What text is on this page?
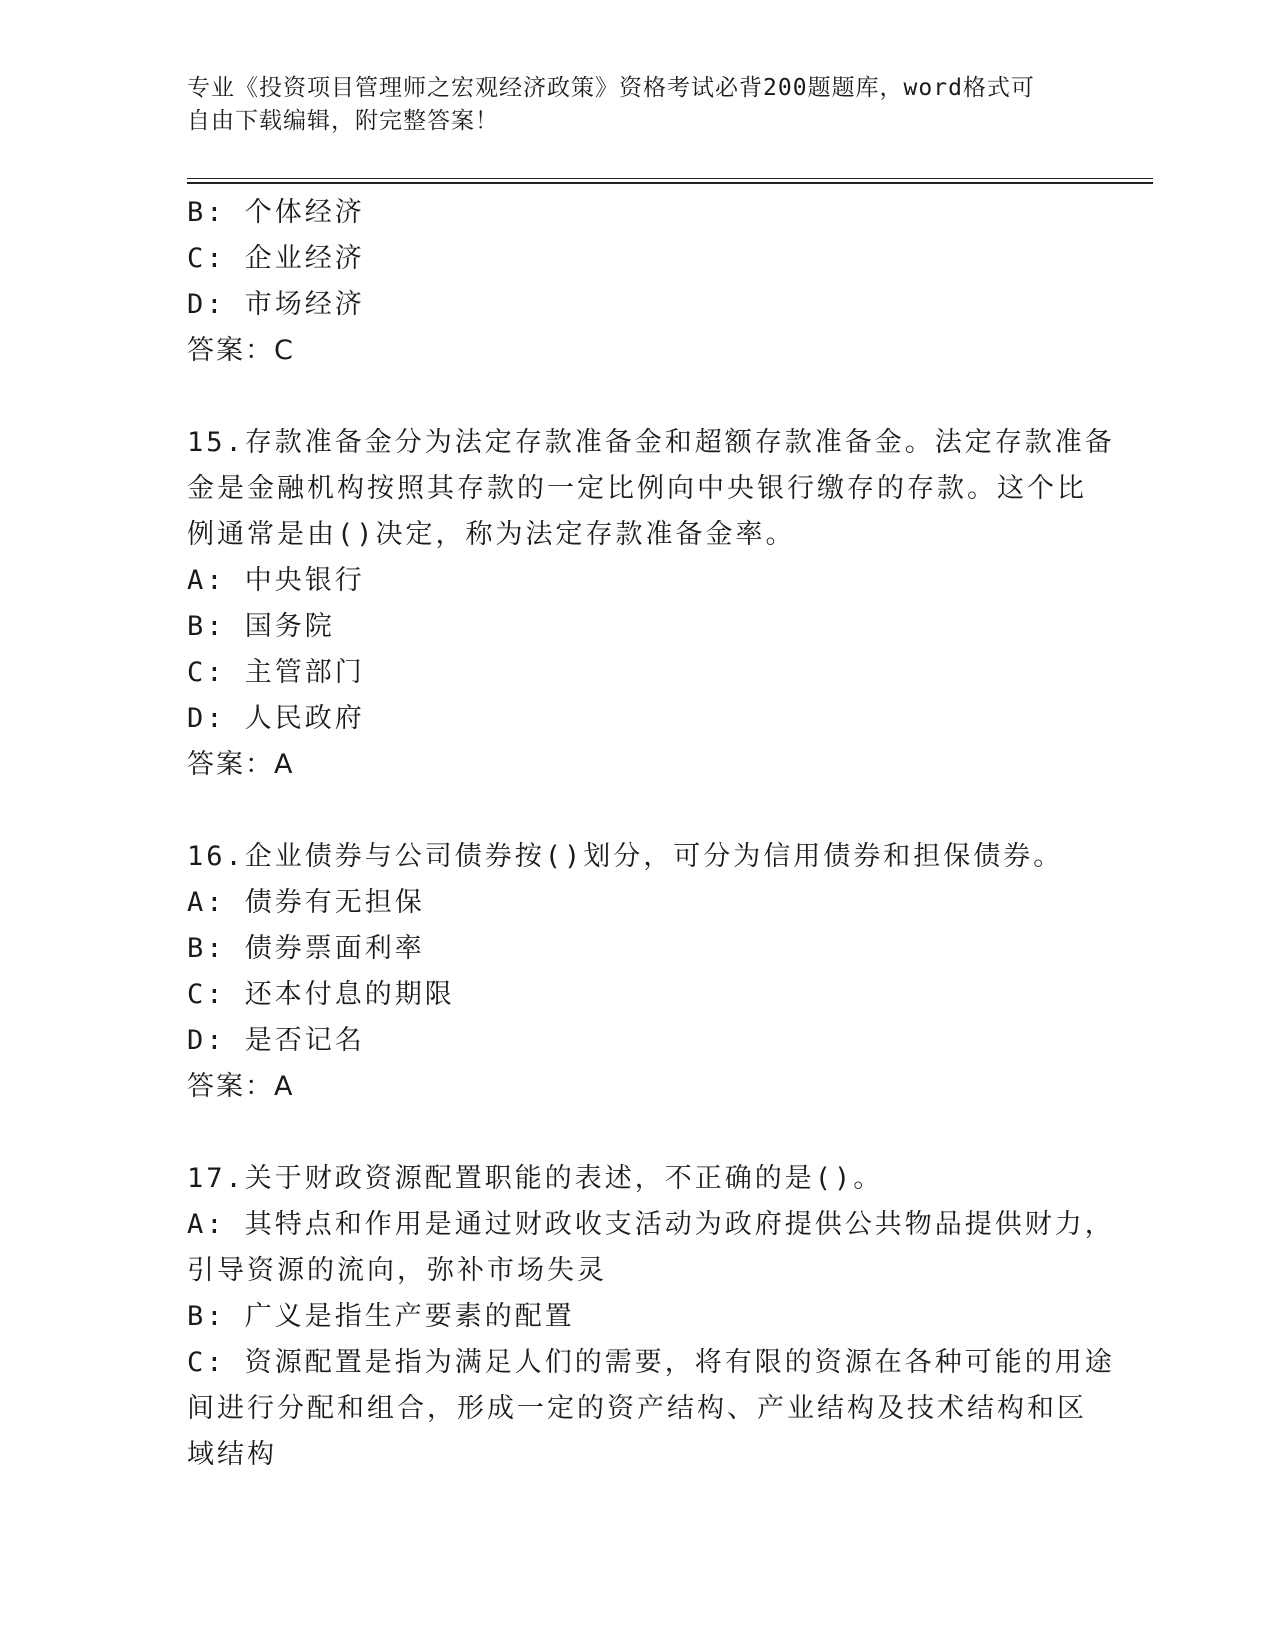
专业《投资项目管理师之宏观经济政策》资格考试必背200题题库，word格式可
自由下载编辑，附完整答案！
B: 个体经济
C: 企业经济
D: 市场经济
答案：C
15.存款准备金分为法定存款准备金和超额存款准备金。法定存款准备
金是金融机构按照其存款的一定比例向中央银行缴存的存款。这个比
例通常是由()决定，称为法定存款准备金率。
A: 中央银行
B: 国务院
C: 主管部门
D: 人民政府
答案：A
16.企业债券与公司债券按()划分，可分为信用债券和担保债券。
A: 债券有无担保
B: 债券票面利率
C: 还本付息的期限
D: 是否记名
答案：A
17.关于财政资源配置职能的表述，不正确的是()。
A: 其特点和作用是通过财政收支活动为政府提供公共物品提供财力，
引导资源的流向，弥补市场失灵
B: 广义是指生产要素的配置
C: 资源配置是指为满足人们的需要，将有限的资源在各种可能的用途
间进行分配和组合，形成一定的资产结构、产业结构及技术结构和区
域结构
